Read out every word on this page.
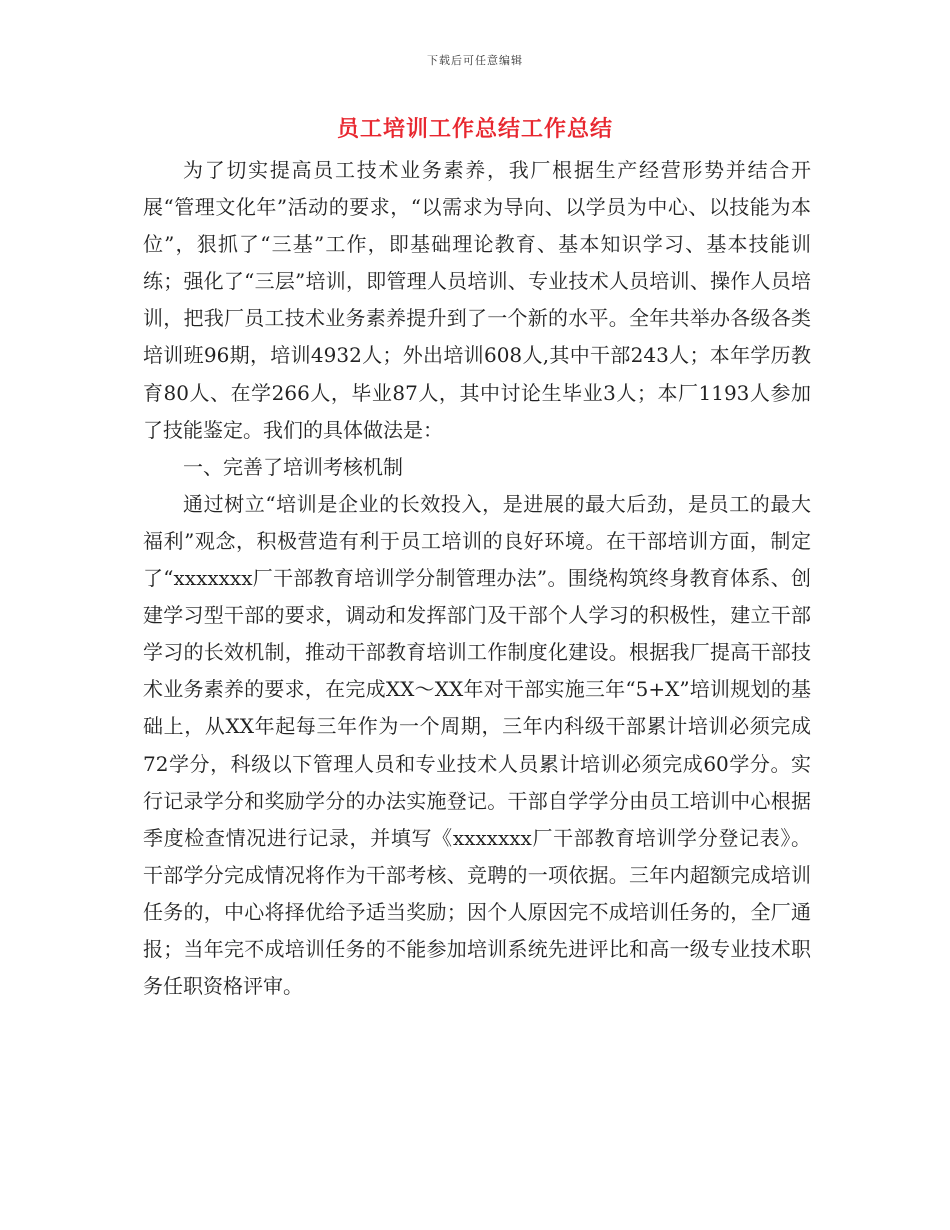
下载后可任意编辑
员工培训工作总结工作总结

为了切实提高员工技术业务素养，我厂根据生产经营形势并结合开展“管理文化年”活动的要求，“以需求为导向、以学员为中心、以技能为本位”，狠抓了“三基”工作，即基础理论教育、基本知识学习、基本技能训练；强化了“三层”培训，即管理人员培训、专业技术人员培训、操作人员培训，把我厂员工技术业务素养提升到了一个新的水平。全年共举办各级各类培训班96期，培训4932人；外出培训608人,其中干部243人；本年学历教育80人、在学266人，毕业87人，其中讨论生毕业3人；本厂1193人参加了技能鉴定。我们的具体做法是：

一、完善了培训考核机制

通过树立“培训是企业的长效投入，是进展的最大后劲，是员工的最大福利”观念，积极营造有利于员工培训的良好环境。在干部培训方面，制定了“xxxxxxx厂干部教育培训学分制管理办法”。围绕构筑终身教育体系、创建学习型干部的要求，调动和发挥部门及干部个人学习的积极性，建立干部学习的长效机制，推动干部教育培训工作制度化建设。根据我厂提高干部技术业务素养的要求，在完成XX～XX年对干部实施三年“5+X”培训规划的基础上，从XX年起每三年作为一个周期，三年内科级干部累计培训必须完成72学分，科级以下管理人员和专业技术人员累计培训必须完成60学分。实行记录学分和奖励学分的办法实施登记。干部自学学分由员工培训中心根据季度检查情况进行记录，并填写《xxxxxxx厂干部教育培训学分登记表》。干部学分完成情况将作为干部考核、竞聘的一项依据。三年内超额完成培训任务的，中心将择优给予适当奖励；因个人原因完不成培训任务的，全厂通报；当年完不成培训任务的不能参加培训系统先进评比和高一级专业技术职务任职资格评审。
